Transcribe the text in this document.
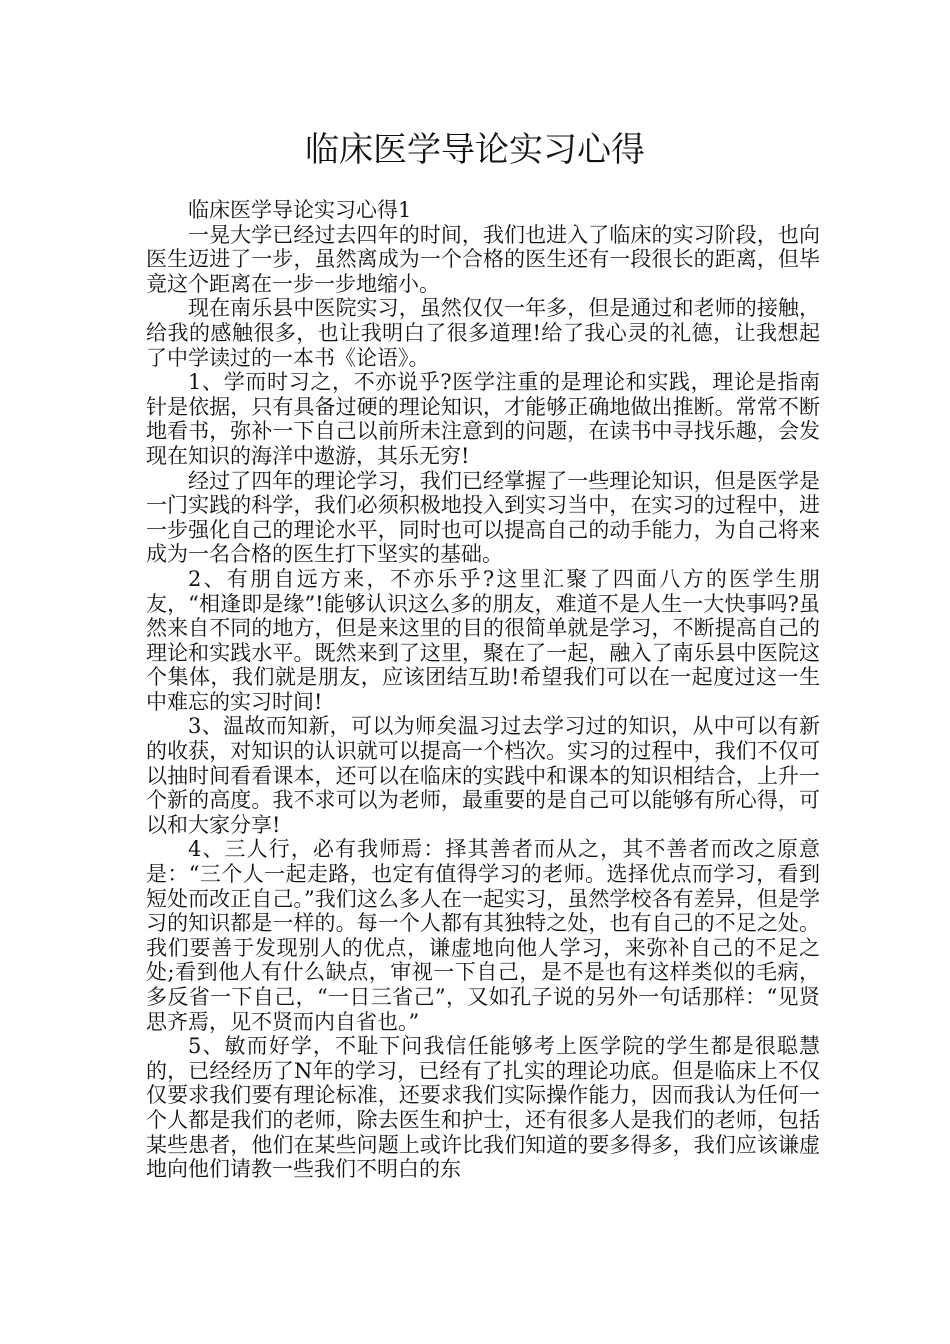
临床医学导论实习心得

临床医学导论实习心得1

一晃大学已经过去四年的时间，我们也进入了临床的实习阶段，也向医生迈进了一步，虽然离成为一个合格的医生还有一段很长的距离，但毕竟这个距离在一步一步地缩小。

现在南乐县中医院实习，虽然仅仅一年多，但是通过和老师的接触，给我的感触很多，也让我明白了很多道理!给了我心灵的礼德，让我想起了中学读过的一本书《论语》。

1、学而时习之，不亦说乎?医学注重的是理论和实践，理论是指南针是依据，只有具备过硬的理论知识，才能够正确地做出推断。常常不断地看书，弥补一下自己以前所未注意到的问题，在读书中寻找乐趣，会发现在知识的海洋中遨游，其乐无穷!

经过了四年的理论学习，我们已经掌握了一些理论知识，但是医学是一门实践的科学，我们必须积极地投入到实习当中，在实习的过程中，进一步强化自己的理论水平，同时也可以提高自己的动手能力，为自己将来成为一名合格的医生打下坚实的基础。

2、有朋自远方来，不亦乐乎?这里汇聚了四面八方的医学生朋友，“相逢即是缘”!能够认识这么多的朋友，难道不是人生一大快事吗?虽然来自不同的地方，但是来这里的目的很简单就是学习，不断提高自己的理论和实践水平。既然来到了这里，聚在了一起，融入了南乐县中医院这个集体，我们就是朋友，应该团结互助!希望我们可以在一起度过这一生中难忘的实习时间!

3、温故而知新，可以为师矣温习过去学习过的知识，从中可以有新的收获，对知识的认识就可以提高一个档次。实习的过程中，我们不仅可以抽时间看看课本，还可以在临床的实践中和课本的知识相结合，上升一个新的高度。我不求可以为老师，最重要的是自己可以能够有所心得，可以和大家分享!

4、三人行，必有我师焉：择其善者而从之，其不善者而改之原意是：“三个人一起走路，也定有值得学习的老师。选择优点而学习，看到短处而改正自己。”我们这么多人在一起实习，虽然学校各有差异，但是学习的知识都是一样的。每一个人都有其独特之处，也有自己的不足之处。我们要善于发现别人的优点，谦虚地向他人学习，来弥补自己的不足之处;看到他人有什么缺点，审视一下自己，是不是也有这样类似的毛病，多反省一下自己，“一日三省己”，又如孔子说的另外一句话那样：“见贤思齐焉，见不贤而内自省也。”

5、敏而好学，不耻下问我信任能够考上医学院的学生都是很聪慧的，已经经历了N年的学习，已经有了扎实的理论功底。但是临床上不仅仅要求我们要有理论标准，还要求我们实际操作能力，因而我认为任何一个人都是我们的老师，除去医生和护士，还有很多人是我们的老师，包括某些患者，他们在某些问题上或许比我们知道的要多得多，我们应该谦虚地向他们请教一些我们不明白的东
